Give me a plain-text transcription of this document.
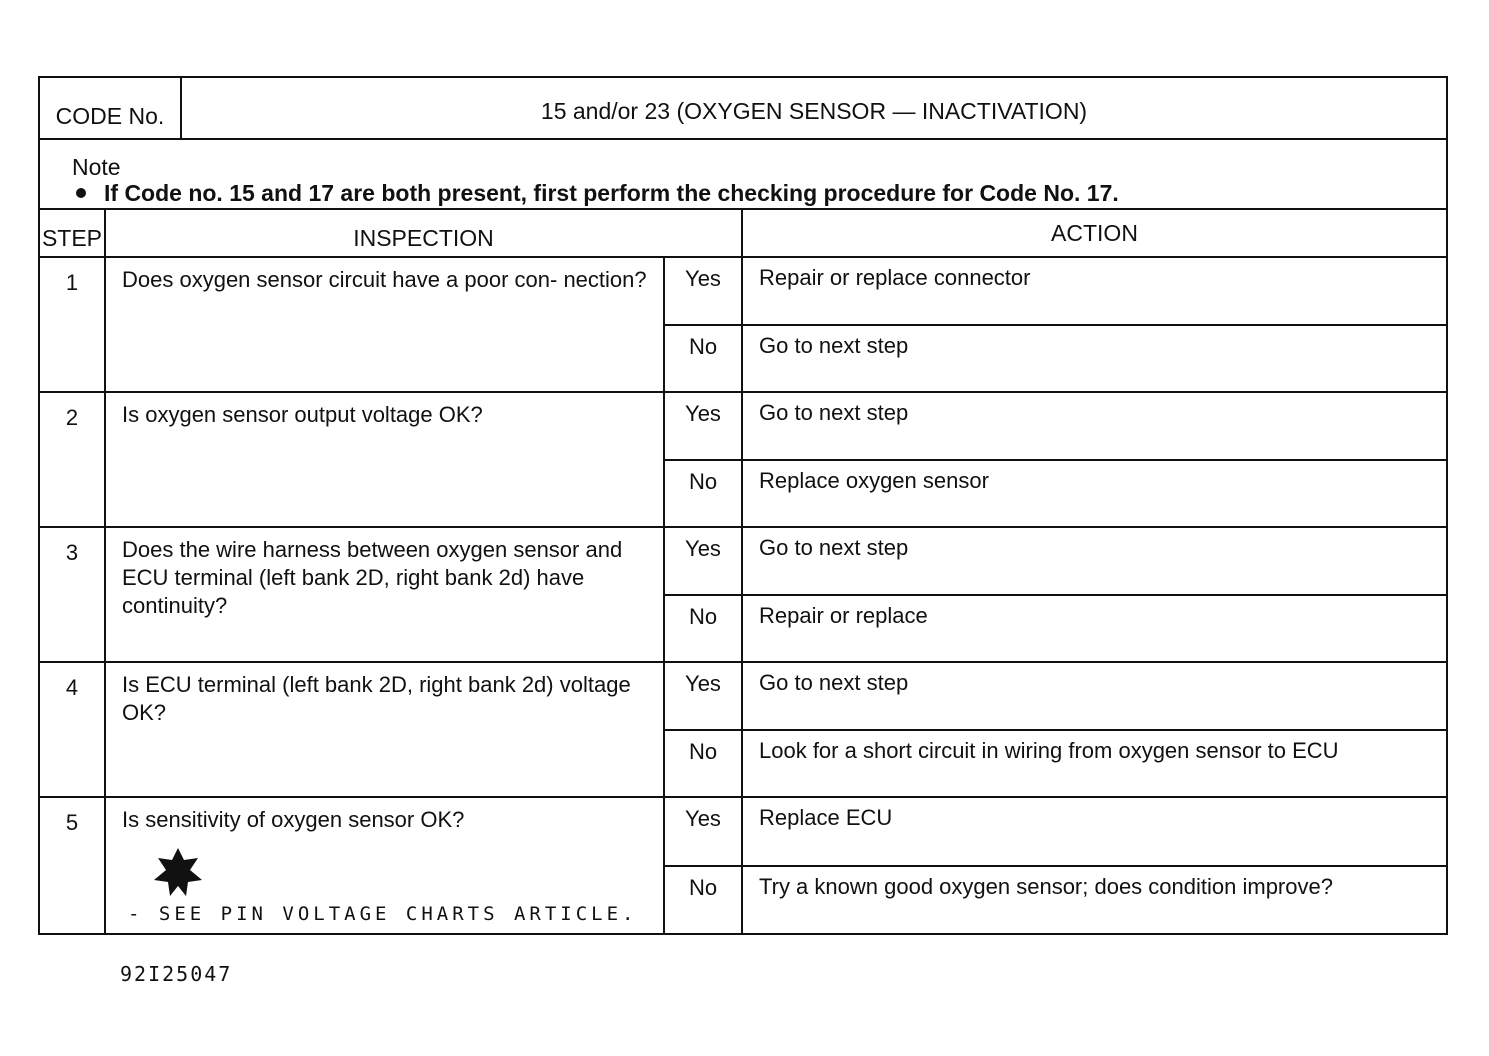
CODE No.	15 and/or 23 (OXYGEN SENSOR — INACTIVATION)
Note
If Code no. 15 and 17 are both present, first perform the checking procedure for Code No. 17.
STEP	INSPECTION	ACTION
1	Does oxygen sensor circuit have a poor con- nection?	Yes	Repair or replace connector
No	Go to next step
2	Is oxygen sensor output voltage OK?	Yes	Go to next step
No	Replace oxygen sensor
3	Does the wire harness between oxygen sensor and ECU terminal (left bank 2D, right bank 2d) have continuity?
Yes	Go to next step
No	Repair or replace
4	Is ECU terminal (left bank 2D, right bank 2d) voltage OK?
Yes	Go to next step
No	Look for a short circuit in wiring from oxygen sensor to ECU
5	Is sensitivity of oxygen sensor OK?
- SEE PIN VOLTAGE CHARTS ARTICLE.
Yes	Replace ECU
No	Try a known good oxygen sensor; does condition improve?
92I25047
